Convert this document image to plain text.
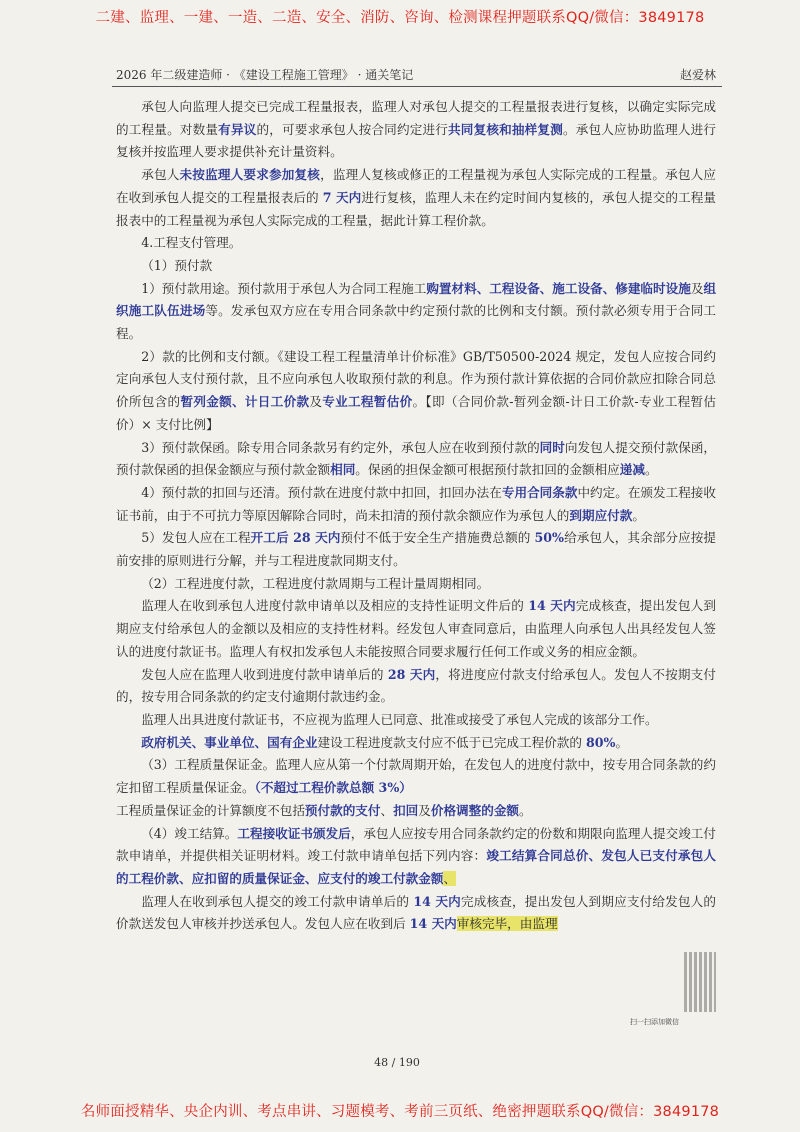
二建、监理、一建、一造、二造、安全、消防、咨询、检测课程押题联系QQ/微信：3849178
2026 年二级建造师 · 《建设工程施工管理》 · 通关笔记	赵爱林

承包人向监理人提交已完成工程量报表，监理人对承包人提交的工程量报表进行复核，以确定实际完成的工程量。对数量有异议的，可要求承包人按合同约定进行共同复核和抽样复测。承包人应协助监理人进行复核并按监理人要求提供补充计量资料。

承包人未按监理人要求参加复核，监理人复核或修正的工程量视为承包人实际完成的工程量。承包人应在收到承包人提交的工程量报表后的 7 天内进行复核，监理人未在约定时间内复核的，承包人提交的工程量报表中的工程量视为承包人实际完成的工程量，据此计算工程价款。

4.工程支付管理。

（1）预付款

1）预付款用途。预付款用于承包人为合同工程施工购置材料、工程设备、施工设备、修建临时设施及组织施工队伍进场等。发承包双方应在专用合同条款中约定预付款的比例和支付额。预付款必须专用于合同工程。

2）款的比例和支付额。《建设工程工程量清单计价标准》GB/T50500-2024 规定，发包人应按合同约定向承包人支付预付款，且不应向承包人收取预付款的利息。作为预付款计算依据的合同价款应扣除合同总价所包含的暂列金额、计日工价款及专业工程暂估价。【即（合同价款-暂列金额-计日工价款-专业工程暂估价）× 支付比例】

3）预付款保函。除专用合同条款另有约定外，承包人应在收到预付款的同时向发包人提交预付款保函，预付款保函的担保金额应与预付款金额相同。保函的担保金额可根据预付款扣回的金额相应递减。

4）预付款的扣回与还清。预付款在进度付款中扣回，扣回办法在专用合同条款中约定。在颁发工程接收证书前，由于不可抗力等原因解除合同时，尚未扣清的预付款余额应作为承包人的到期应付款。

5）发包人应在工程开工后 28 天内预付不低于安全生产措施费总额的 50%给承包人，其余部分应按提前安排的原则进行分解，并与工程进度款同期支付。

（2）工程进度付款，工程进度付款周期与工程计量周期相同。

监理人在收到承包人进度付款申请单以及相应的支持性证明文件后的 14 天内完成核查，提出发包人到期应支付给承包人的金额以及相应的支持性材料。经发包人审查同意后，由监理人向承包人出具经发包人签认的进度付款证书。监理人有权扣发承包人未能按照合同要求履行任何工作或义务的相应金额。

发包人应在监理人收到进度付款申请单后的 28 天内，将进度应付款支付给承包人。发包人不按期支付的，按专用合同条款的约定支付逾期付款违约金。

监理人出具进度付款证书，不应视为监理人已同意、批准或接受了承包人完成的该部分工作。

政府机关、事业单位、国有企业建设工程进度款支付应不低于已完成工程价款的 80%。

（3）工程质量保证金。监理人应从第一个付款周期开始，在发包人的进度付款中，按专用合同条款的约定扣留工程质量保证金。（不超过工程价款总额 3%）

工程质量保证金的计算额度不包括预付款的支付、扣回及价格调整的金额。

（4）竣工结算。工程接收证书颁发后，承包人应按专用合同条款约定的份数和期限向监理人提交竣工付款申请单，并提供相关证明材料。竣工付款申请单包括下列内容：竣工结算合同总价、发包人已支付承包人的工程价款、应扣留的质量保证金、应支付的竣工付款金额、

监理人在收到承包人提交的竣工付款申请单后的 14 天内完成核查，提出发包人到期应支付给发包人的价款送发包人审核并抄送承包人。发包人应在收到后 14 天内审核完毕，由监理

扫一扫添加微信
48 / 190
名师面授精华、央企内训、考点串讲、习题模考、考前三页纸、绝密押题联系QQ/微信：3849178
